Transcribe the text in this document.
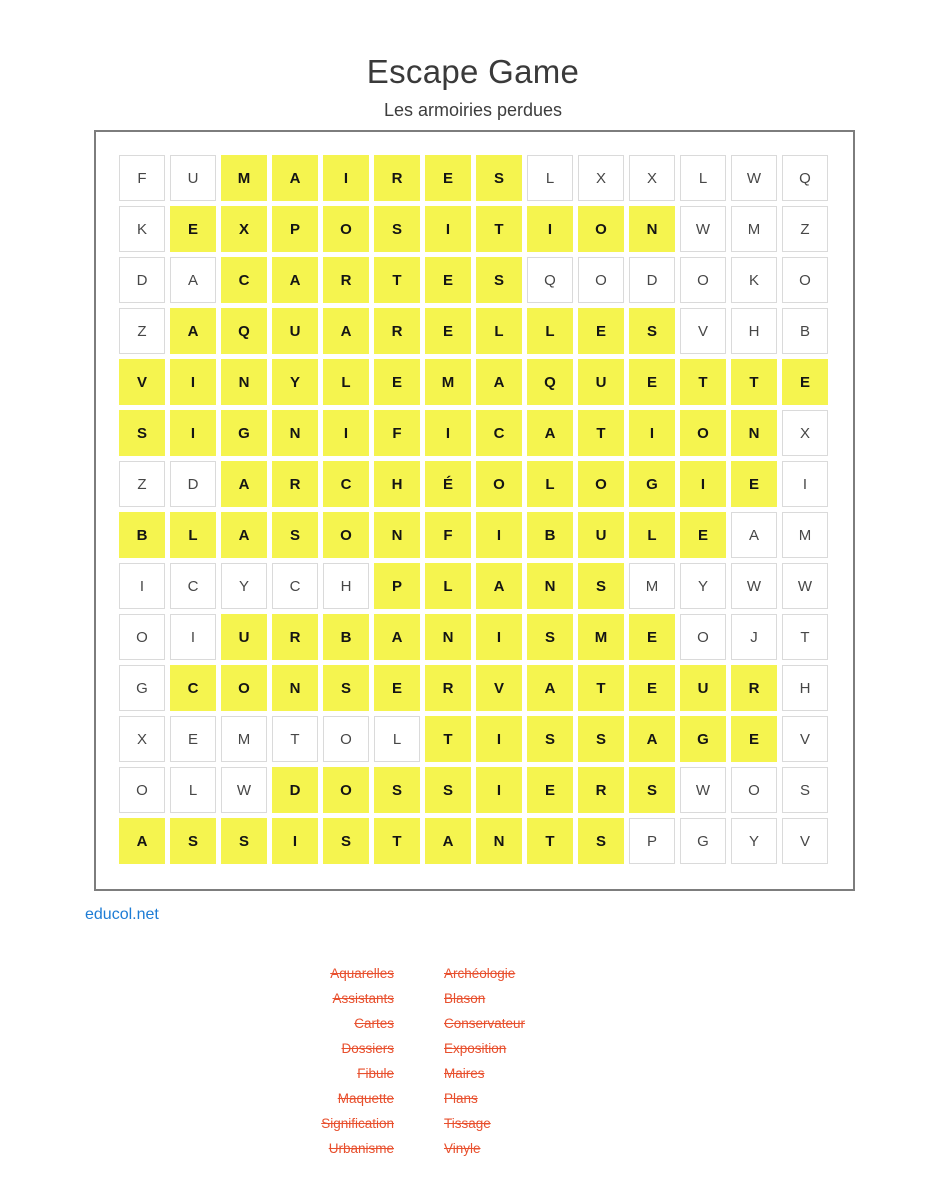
Escape Game
Les armoiries perdues
F	U	M	A	I	R	E	S	L	X	X	L	W	Q
K	E	X	P	O	S	I	T	I	O	N	W	M	Z
D	A	C	A	R	T	E	S	Q	O	D	O	K	O
Z	A	Q	U	A	R	E	L	L	E	S	V	H	B
V	I	N	Y	L	E	M	A	Q	U	E	T	T	E
S	I	G	N	I	F	I	C	A	T	I	O	N	X
Z	D	A	R	C	H	É	O	L	O	G	I	E	I
B	L	A	S	O	N	F	I	B	U	L	E	A	M
I	C	Y	C	H	P	L	A	N	S	M	Y	W	W
O	I	U	R	B	A	N	I	S	M	E	O	J	T
G	C	O	N	S	E	R	V	A	T	E	U	R	H
X	E	M	T	O	L	T	I	S	S	A	G	E	V
O	L	W	D	O	S	S	I	E	R	S	W	O	S
A	S	S	I	S	T	A	N	T	S	P	G	Y	V
educol.net
Aquarelles
Assistants
Cartes
Dossiers
Fibule
Maquette
Signification
Urbanisme
Archéologie
Blason
Conservateur
Exposition
Maires
Plans
Tissage
Vinyle
